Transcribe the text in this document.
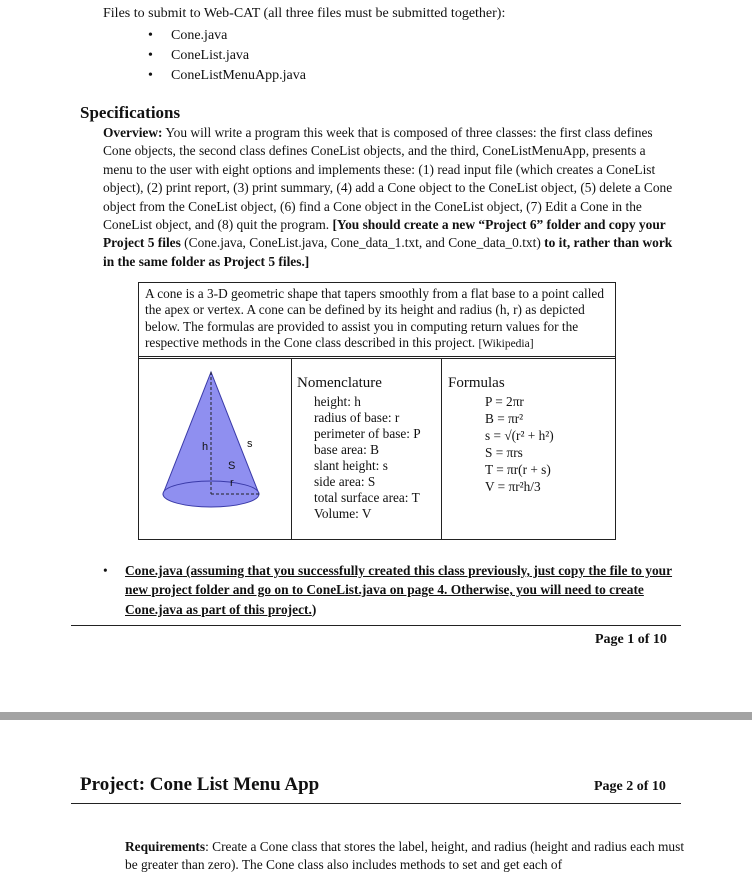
Files to submit to Web-CAT (all three files must be submitted together):
• Cone.java
• ConeList.java
• ConeListMenuApp.java
Specifications
Overview: You will write a program this week that is composed of three classes: the first class defines Cone objects, the second class defines ConeList objects, and the third, ConeListMenuApp, presents a menu to the user with eight options and implements these: (1) read input file (which creates a ConeList object), (2) print report, (3) print summary, (4) add a Cone object to the ConeList object, (5) delete a Cone object from the ConeList object, (6) find a Cone object in the ConeList object, (7) Edit a Cone in the ConeList object, and (8) quit the program. [You should create a new “Project 6” folder and copy your Project 5 files (Cone.java, ConeList.java, Cone_data_1.txt, and Cone_data_0.txt) to it, rather than work in the same folder as Project 5 files.]
A cone is a 3-D geometric shape that tapers smoothly from a flat base to a point called the apex or vertex. A cone can be defined by its height and radius (h, r) as depicted below. The formulas are provided to assist you in computing return values for the respective methods in the Cone class described in this project. [Wikipedia]
h	s
S
r
Nomenclature
height: h
radius of base: r
perimeter of base: P
base area: B
slant height: s
side area: S
total surface area: T
Volume: V
Formulas
P = 2πr
B = πr²
s = √(r² + h²)
S = πrs
T = πr(r + s)
V = πr²h/3
• Cone.java (assuming that you successfully created this class previously, just copy the file to your new project folder and go on to ConeList.java on page 4. Otherwise, you will need to create Cone.java as part of this project.)
Page 1 of 10
Project: Cone List Menu App	Page 2 of 10
Requirements: Create a Cone class that stores the label, height, and radius (height and radius each must be greater than zero). The Cone class also includes methods to set and get each of
